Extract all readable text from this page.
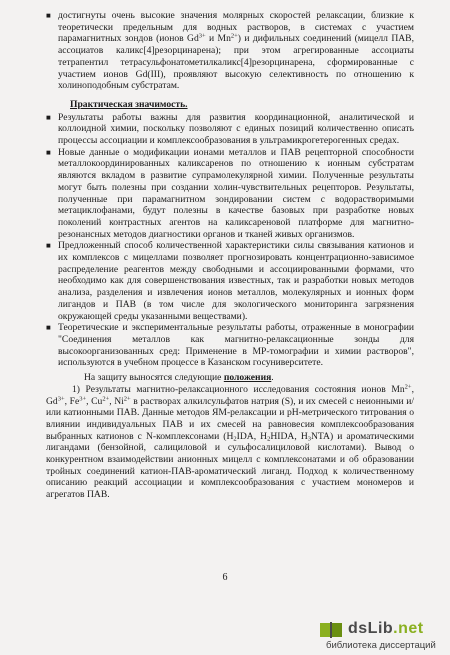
■ достигнуты очень высокие значения молярных скоростей релаксации, близкие к теоретически предельным для водных растворов, в системах с участием парамагнитных зондов (ионов $Gd^{3+}$ и $Mn^{2+}$) и дифильных соединений (мицелл ПАВ, ассоциатов каликс[4]резорцинарена); при этом агрегированные ассоциаты тетрапентил тетрасульфонатометилкаликс[4]резорцинарена, сформированные с участием ионов Gd(III), проявляют высокую селективность по отношению к холиноподобным субстратам.
Практическая значимость.
■ Результаты работы важны для развития координационной, аналитической и коллоидной химии, поскольку позволяют с единых позиций количественно описать процессы ассоциации и комплексообразования в ультрамикрогетерогенных средах.
■ Новые данные о модификации ионами металлов и ПАВ рецепторной способности металлокоординированных каликсаренов по отношению к ионным субстратам являются вкладом в развитие супрамолекулярной химии. Полученные результаты могут быть полезны при создании холин-чувствительных рецепторов. Результаты, полученные при парамагнитном зондировании систем с водорастворимыми метациклофанами, будут полезны в качестве базовых при разработке новых поколений контрастных агентов на каликсареновой платформе для магнитно-резонансных методов диагностики органов и тканей живых организмов.
■ Предложенный способ количественной характеристики силы связывания катионов и их комплексов с мицеллами позволяет прогнозировать концентрационно-зависимое распределение реагентов между свободными и ассоциированными формами, что необходимо как для совершенствования известных, так и разработки новых методов анализа, разделения и извлечения ионов металлов, молекулярных и ионных форм лигандов и ПАВ (в том числе для экологического мониторинга загрязнения окружающей среды указанными веществами).
■ Теоретические и экспериментальные результаты работы, отраженные в монографии "Соединения металлов как магнитно-релаксационные зонды для высокоорганизованных сред: Применение в МР-томографии и химии растворов", используются в учебном процессе в Казанском госуниверситете.
На защиту выносятся следующие положения.
1) Результаты магнитно-релаксационного исследования состояния ионов $Mn^{2+}$, $Gd^{3+}$, $Fe^{3+}$, $Cu^{2+}$, $Ni^{2+}$ в растворах алкилсульфатов натрия (S), и их смесей с неионными и/или катионными ПАВ. Данные методов ЯМ-релаксации и рН-метрического титрования о влиянии индивидуальных ПАВ и их смесей на равновесия комплексообразования выбранных катионов с N-комплексонами ($H_2IDA$, $H_2HIDA$, $H_3NTA$) и ароматическими лигандами (бензойной, салициловой и сульфосалициловой кислотами). Вывод о конкурентном взаимодействии анионных мицелл с комплексонатами и об образовании тройных соединений катион-ПАВ-ароматический лиганд. Подход к количественному описанию реакций ассоциации и комплексообразования с участием мономеров и агрегатов ПАВ.
6
dsLib.net
библиотека диссертаций
